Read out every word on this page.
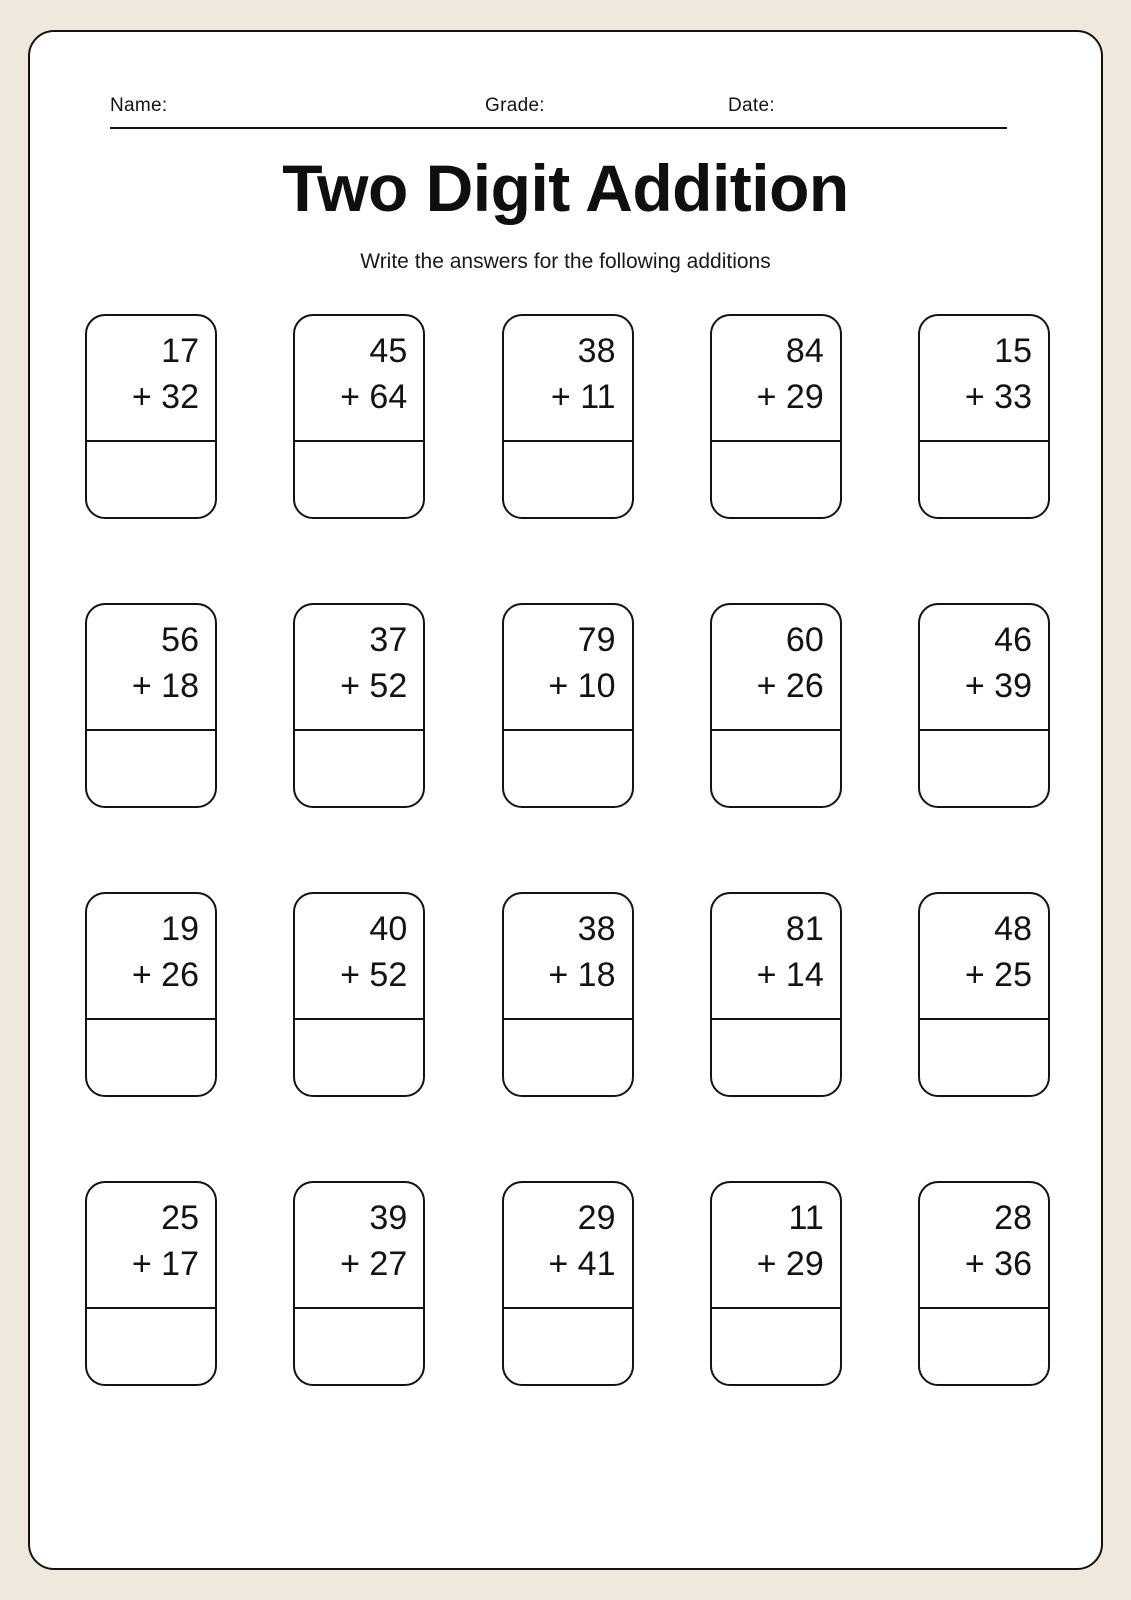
Name:	Grade:	Date:
Two Digit Addition
Write the answers for the following additions
17
+ 32
45
+ 64
38
+ 11
84
+ 29
15
+ 33
56
+ 18
37
+ 52
79
+ 10
60
+ 26
46
+ 39
19
+ 26
40
+ 52
38
+ 18
81
+ 14
48
+ 25
25
+ 17
39
+ 27
29
+ 41
11
+ 29
28
+ 36
